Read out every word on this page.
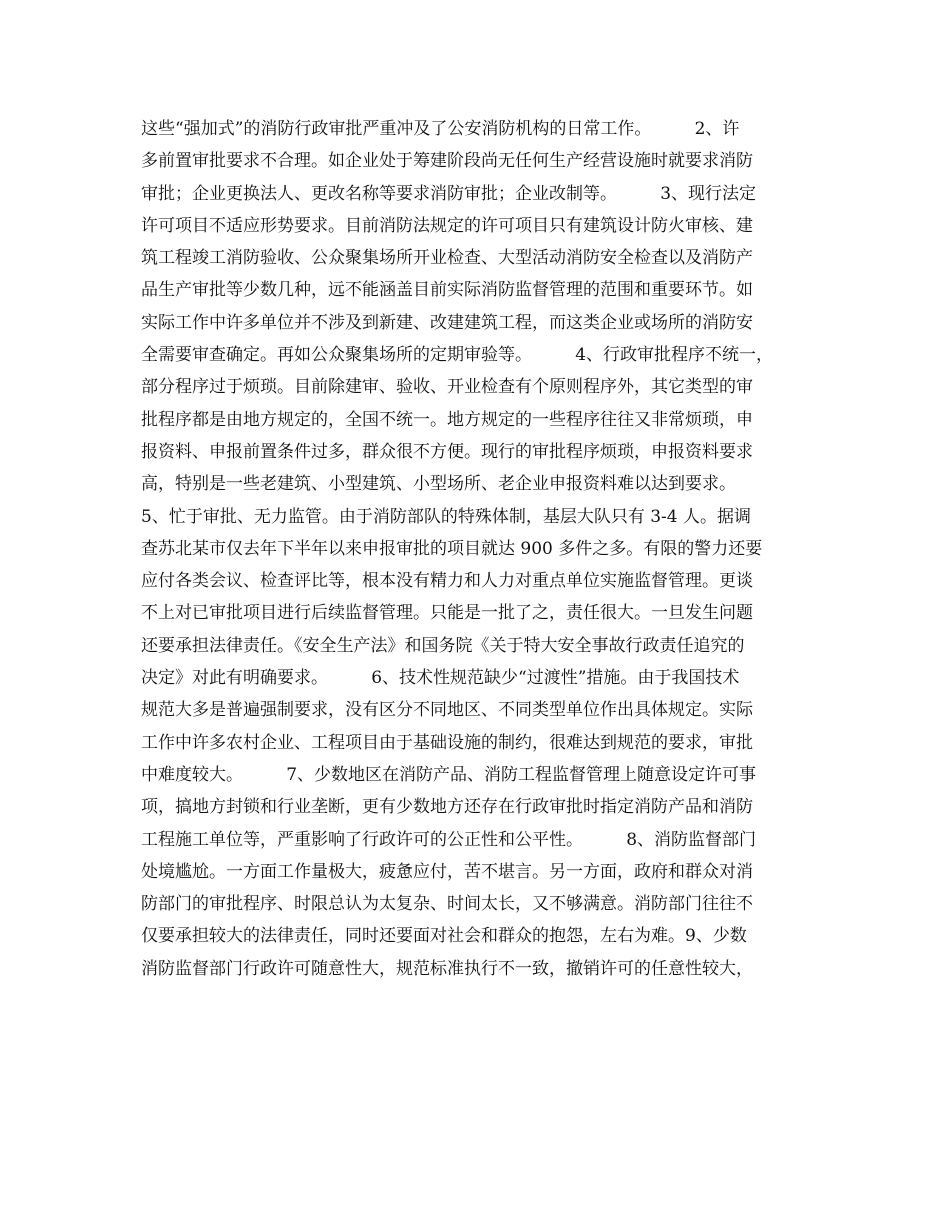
这些“强加式”的消防行政审批严重冲及了公安消防机构的日常工作。        2、许
多前置审批要求不合理。如企业处于筹建阶段尚无任何生产经营设施时就要求消防
审批；企业更换法人、更改名称等要求消防审批；企业改制等。        3、现行法定
许可项目不适应形势要求。目前消防法规定的许可项目只有建筑设计防火审核、建
筑工程竣工消防验收、公众聚集场所开业检查、大型活动消防安全检查以及消防产
品生产审批等少数几种，远不能涵盖目前实际消防监督管理的范围和重要环节。如
实际工作中许多单位并不涉及到新建、改建建筑工程，而这类企业或场所的消防安
全需要审查确定。再如公众聚集场所的定期审验等。        4、行政审批程序不统一，
部分程序过于烦琐。目前除建审、验收、开业检查有个原则程序外，其它类型的审
批程序都是由地方规定的，全国不统一。地方规定的一些程序往往又非常烦琐，申
报资料、申报前置条件过多，群众很不方便。现行的审批程序烦琐，申报资料要求
高，特别是一些老建筑、小型建筑、小型场所、老企业申报资料难以达到要求。
5、忙于审批、无力监管。由于消防部队的特殊体制，基层大队只有 3-4 人。据调
查苏北某市仅去年下半年以来申报审批的项目就达 900 多件之多。有限的警力还要
应付各类会议、检查评比等，根本没有精力和人力对重点单位实施监督管理。更谈
不上对已审批项目进行后续监督管理。只能是一批了之，责任很大。一旦发生问题
还要承担法律责任。《安全生产法》和国务院《关于特大安全事故行政责任追究的
决定》对此有明确要求。        6、技术性规范缺少“过渡性”措施。由于我国技术
规范大多是普遍强制要求，没有区分不同地区、不同类型单位作出具体规定。实际
工作中许多农村企业、工程项目由于基础设施的制约，很难达到规范的要求，审批
中难度较大。        7、少数地区在消防产品、消防工程监督管理上随意设定许可事
项，搞地方封锁和行业垄断，更有少数地方还存在行政审批时指定消防产品和消防
工程施工单位等，严重影响了行政许可的公正性和公平性。        8、消防监督部门
处境尴尬。一方面工作量极大，疲惫应付，苦不堪言。另一方面，政府和群众对消
防部门的审批程序、时限总认为太复杂、时间太长，又不够满意。消防部门往往不
仅要承担较大的法律责任，同时还要面对社会和群众的抱怨，左右为难。9、少数
消防监督部门行政许可随意性大，规范标准执行不一致，撤销许可的任意性较大，
